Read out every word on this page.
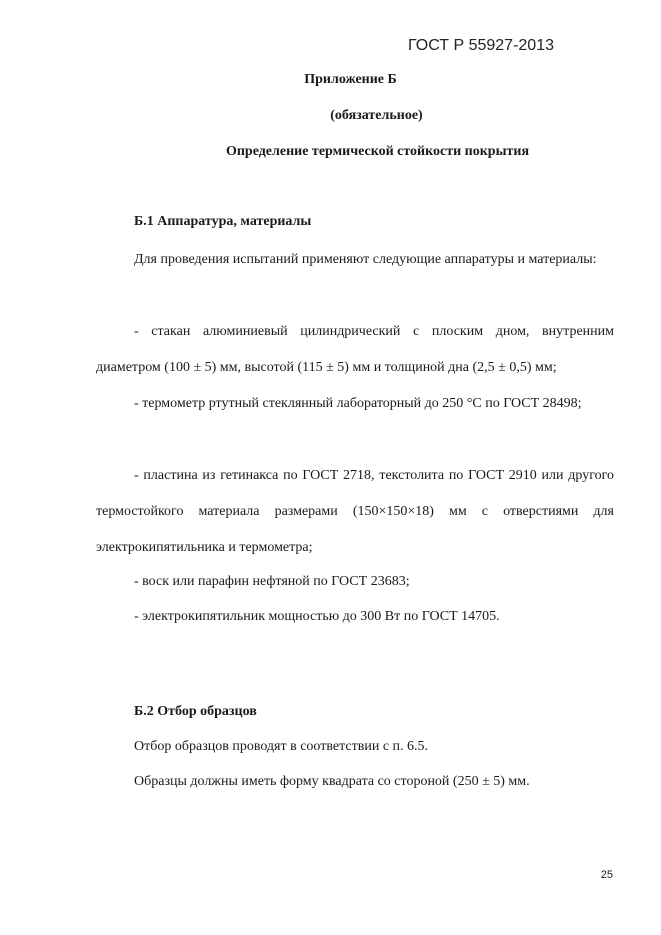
ГОСТ Р 55927-2013
Приложение Б
(обязательное)
Определение термической стойкости покрытия
Б.1 Аппаратура, материалы
Для проведения испытаний применяют следующие аппаратуры и материалы:
- стакан алюминиевый цилиндрический с плоским дном, внутренним диаметром (100 ± 5) мм, высотой (115 ± 5) мм и толщиной дна (2,5 ± 0,5) мм;
- термометр ртутный стеклянный лабораторный до 250 °С по ГОСТ 28498;
- пластина из гетинакса по ГОСТ 2718, текстолита по ГОСТ 2910 или другого термостойкого материала размерами (150×150×18) мм с отверстиями для электрокипятильника и термометра;
- воск или парафин нефтяной по ГОСТ 23683;
- электрокипятильник мощностью до 300 Вт по ГОСТ 14705.
Б.2 Отбор образцов
Отбор образцов проводят в соответствии с п. 6.5.
Образцы должны иметь форму квадрата со стороной (250 ± 5) мм.
25
